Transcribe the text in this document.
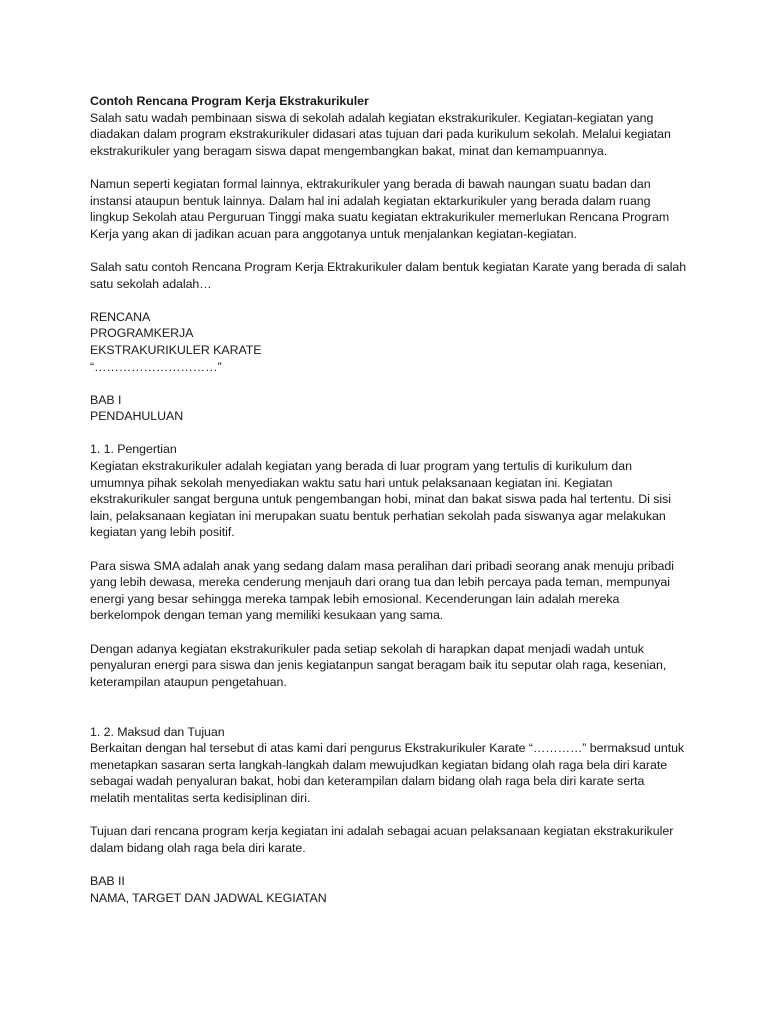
Contoh Rencana Program Kerja Ekstrakurikuler
Salah satu wadah pembinaan siswa di sekolah adalah kegiatan ekstrakurikuler. Kegiatan-kegiatan yang
diadakan dalam program ekstrakurikuler didasari atas tujuan dari pada kurikulum sekolah. Melalui kegiatan
ekstrakurikuler yang beragam siswa dapat mengembangkan bakat, minat dan kemampuannya.
Namun seperti kegiatan formal lainnya, ektrakurikuler yang berada di bawah naungan suatu badan dan
instansi ataupun bentuk lainnya. Dalam hal ini adalah kegiatan ektarkurikuler yang berada dalam ruang
lingkup Sekolah atau Perguruan Tinggi maka suatu kegiatan ektrakurikuler memerlukan Rencana Program
Kerja yang akan di jadikan acuan para anggotanya untuk menjalankan kegiatan-kegiatan.
Salah satu contoh Rencana Program Kerja Ektrakurikuler dalam bentuk kegiatan Karate yang berada di salah
satu sekolah adalah…
RENCANA
PROGRAMKERJA
EKSTRAKURIKULER KARATE
“…………………………”
BAB I
PENDAHULUAN
1. 1. Pengertian
Kegiatan ekstrakurikuler adalah kegiatan yang berada di luar program yang tertulis di kurikulum dan
umumnya pihak sekolah menyediakan waktu satu hari untuk pelaksanaan kegiatan ini. Kegiatan
ekstrakurikuler sangat berguna untuk pengembangan hobi, minat dan bakat siswa pada hal tertentu. Di sisi
lain, pelaksanaan kegiatan ini merupakan suatu bentuk perhatian sekolah pada siswanya agar melakukan
kegiatan yang lebih positif.
Para siswa SMA adalah anak yang sedang dalam masa peralihan dari pribadi seorang anak menuju pribadi
yang lebih dewasa, mereka cenderung menjauh dari orang tua dan lebih percaya pada teman, mempunyai
energi yang besar sehingga mereka tampak lebih emosional. Kecenderungan lain adalah mereka
berkelompok dengan teman yang memiliki kesukaan yang sama.
Dengan adanya kegiatan ekstrakurikuler pada setiap sekolah di harapkan dapat menjadi wadah untuk
penyaluran energi para siswa dan jenis kegiatanpun sangat beragam baik itu seputar olah raga, kesenian,
keterampilan ataupun pengetahuan.
1. 2. Maksud dan Tujuan
Berkaitan dengan hal tersebut di atas kami dari pengurus Ekstrakurikuler Karate “…………” bermaksud untuk
menetapkan sasaran serta langkah-langkah dalam mewujudkan kegiatan bidang olah raga bela diri karate
sebagai wadah penyaluran bakat, hobi dan keterampilan dalam bidang olah raga bela diri karate serta
melatih mentalitas serta kedisiplinan diri.
Tujuan dari rencana program kerja kegiatan ini adalah sebagai acuan pelaksanaan kegiatan ekstrakurikuler
dalam bidang olah raga bela diri karate.
BAB II
NAMA, TARGET DAN JADWAL KEGIATAN
